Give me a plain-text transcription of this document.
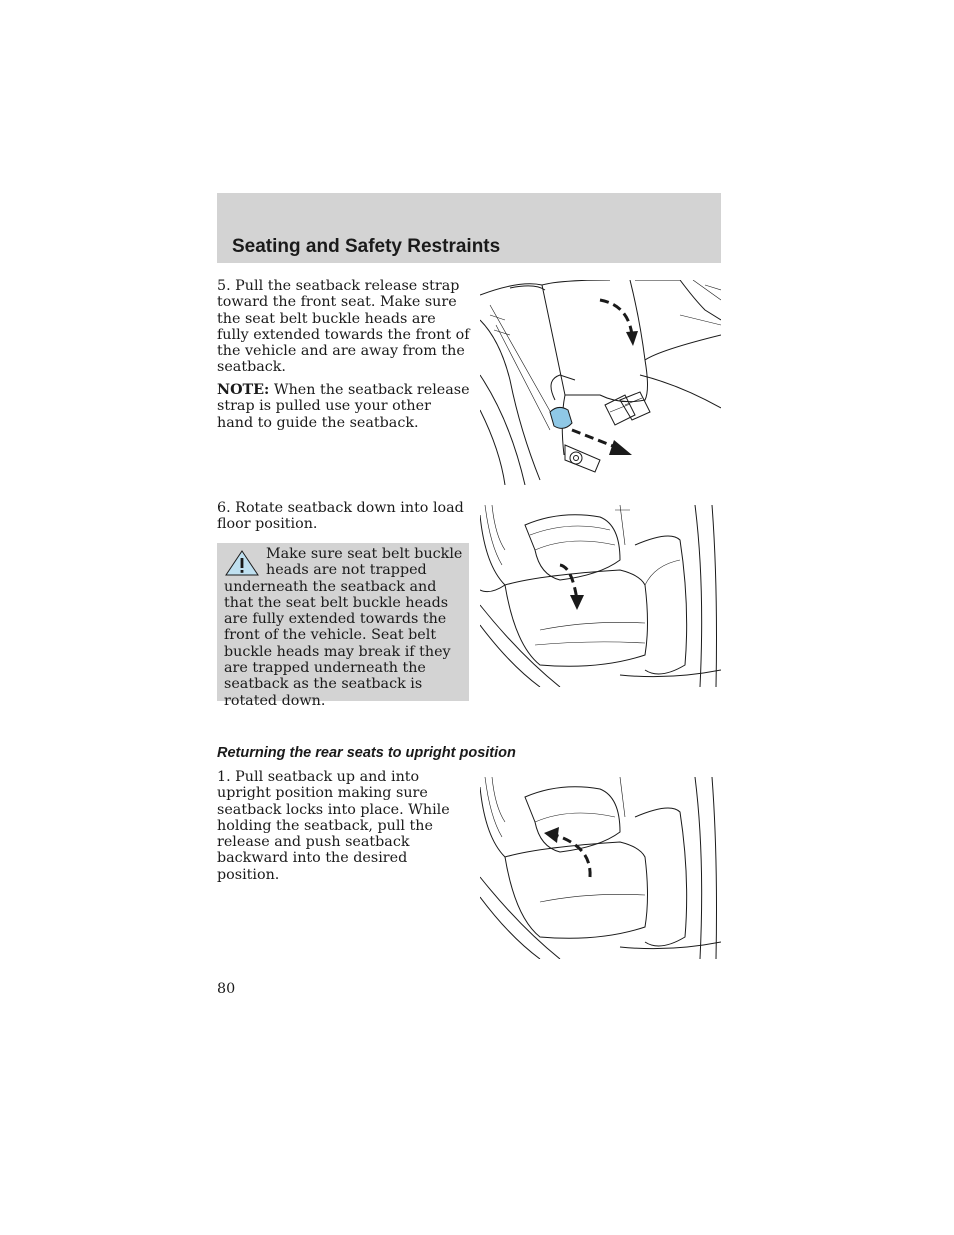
Seating and Safety Restraints

5. Pull the seatback release strap toward the front seat. Make sure the seat belt buckle heads are fully extended towards the front of the vehicle and are away from the seatback.

NOTE: When the seatback release strap is pulled use your other hand to guide the seatback.

6. Rotate seatback down into load floor position.

Make sure seat belt buckle heads are not trapped underneath the seatback and that the seat belt buckle heads are fully extended towards the front of the vehicle. Seat belt buckle heads may break if they are trapped underneath the seatback as the seatback is rotated down.

Returning the rear seats to upright position

1. Pull seatback up and into upright position making sure seatback locks into place. While holding the seatback, pull the release and push seatback backward into the desired position.

80
